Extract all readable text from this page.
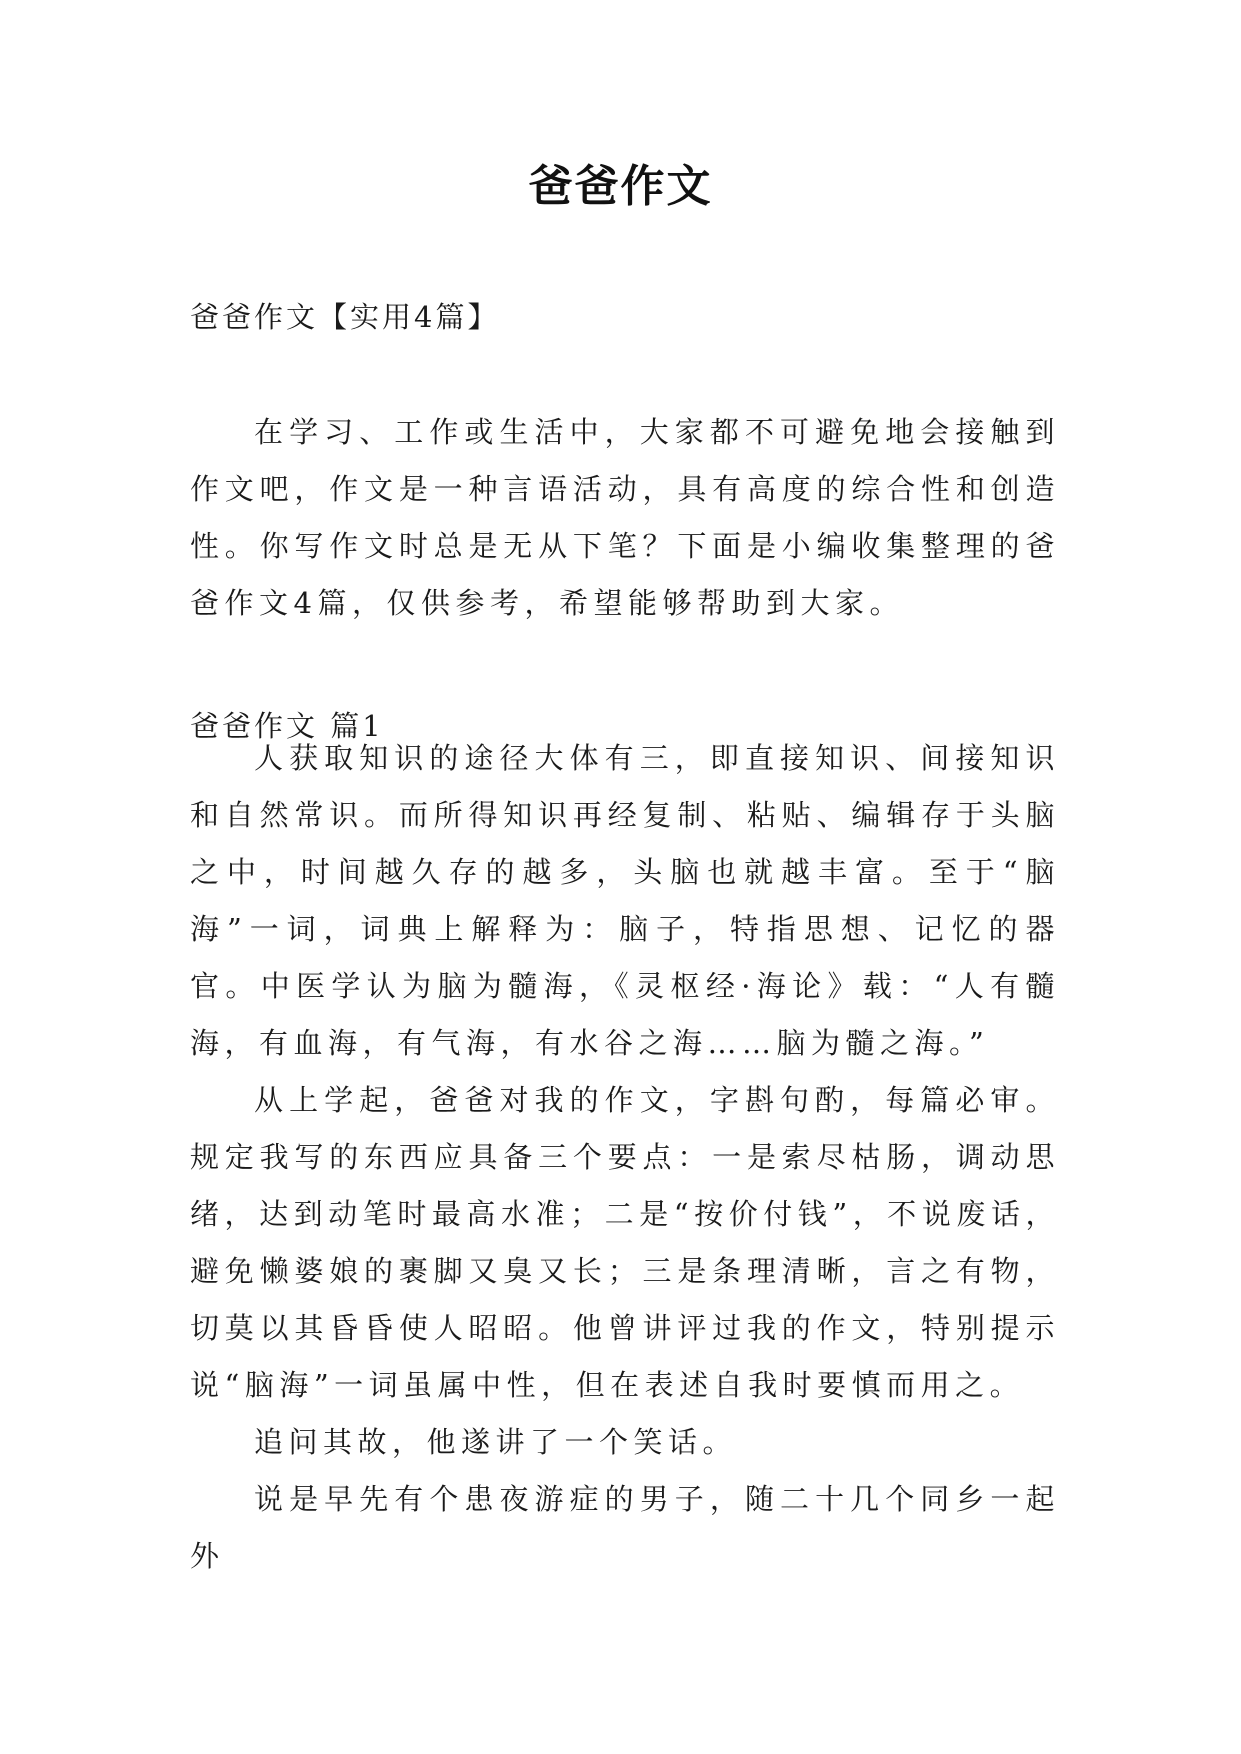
爸爸作文
爸爸作文【实用4篇】

在学习、工作或生活中，大家都不可避免地会接触到作文吧，作文是一种言语活动，具有高度的综合性和创造性。你写作文时总是无从下笔？下面是小编收集整理的爸爸作文4篇，仅供参考，希望能够帮助到大家。

爸爸作文 篇1

人获取知识的途径大体有三，即直接知识、间接知识和自然常识。而所得知识再经复制、粘贴、编辑存于头脑之中，时间越久存的越多，头脑也就越丰富。至于“脑海”一词，词典上解释为：脑子，特指思想、记忆的器官。中医学认为脑为髓海，《灵枢经·海论》载：“人有髓海，有血海，有气海，有水谷之海……脑为髓之海。”

从上学起，爸爸对我的作文，字斟句酌，每篇必审。规定我写的东西应具备三个要点：一是索尽枯肠，调动思绪，达到动笔时最高水准；二是“按价付钱”，不说废话，避免懒婆娘的裹脚又臭又长；三是条理清晰，言之有物，切莫以其昏昏使人昭昭。他曾讲评过我的作文，特别提示说“脑海”一词虽属中性，但在表述自我时要慎而用之。

追问其故，他遂讲了一个笑话。

说是早先有个患夜游症的男子，随二十几个同乡一起外
